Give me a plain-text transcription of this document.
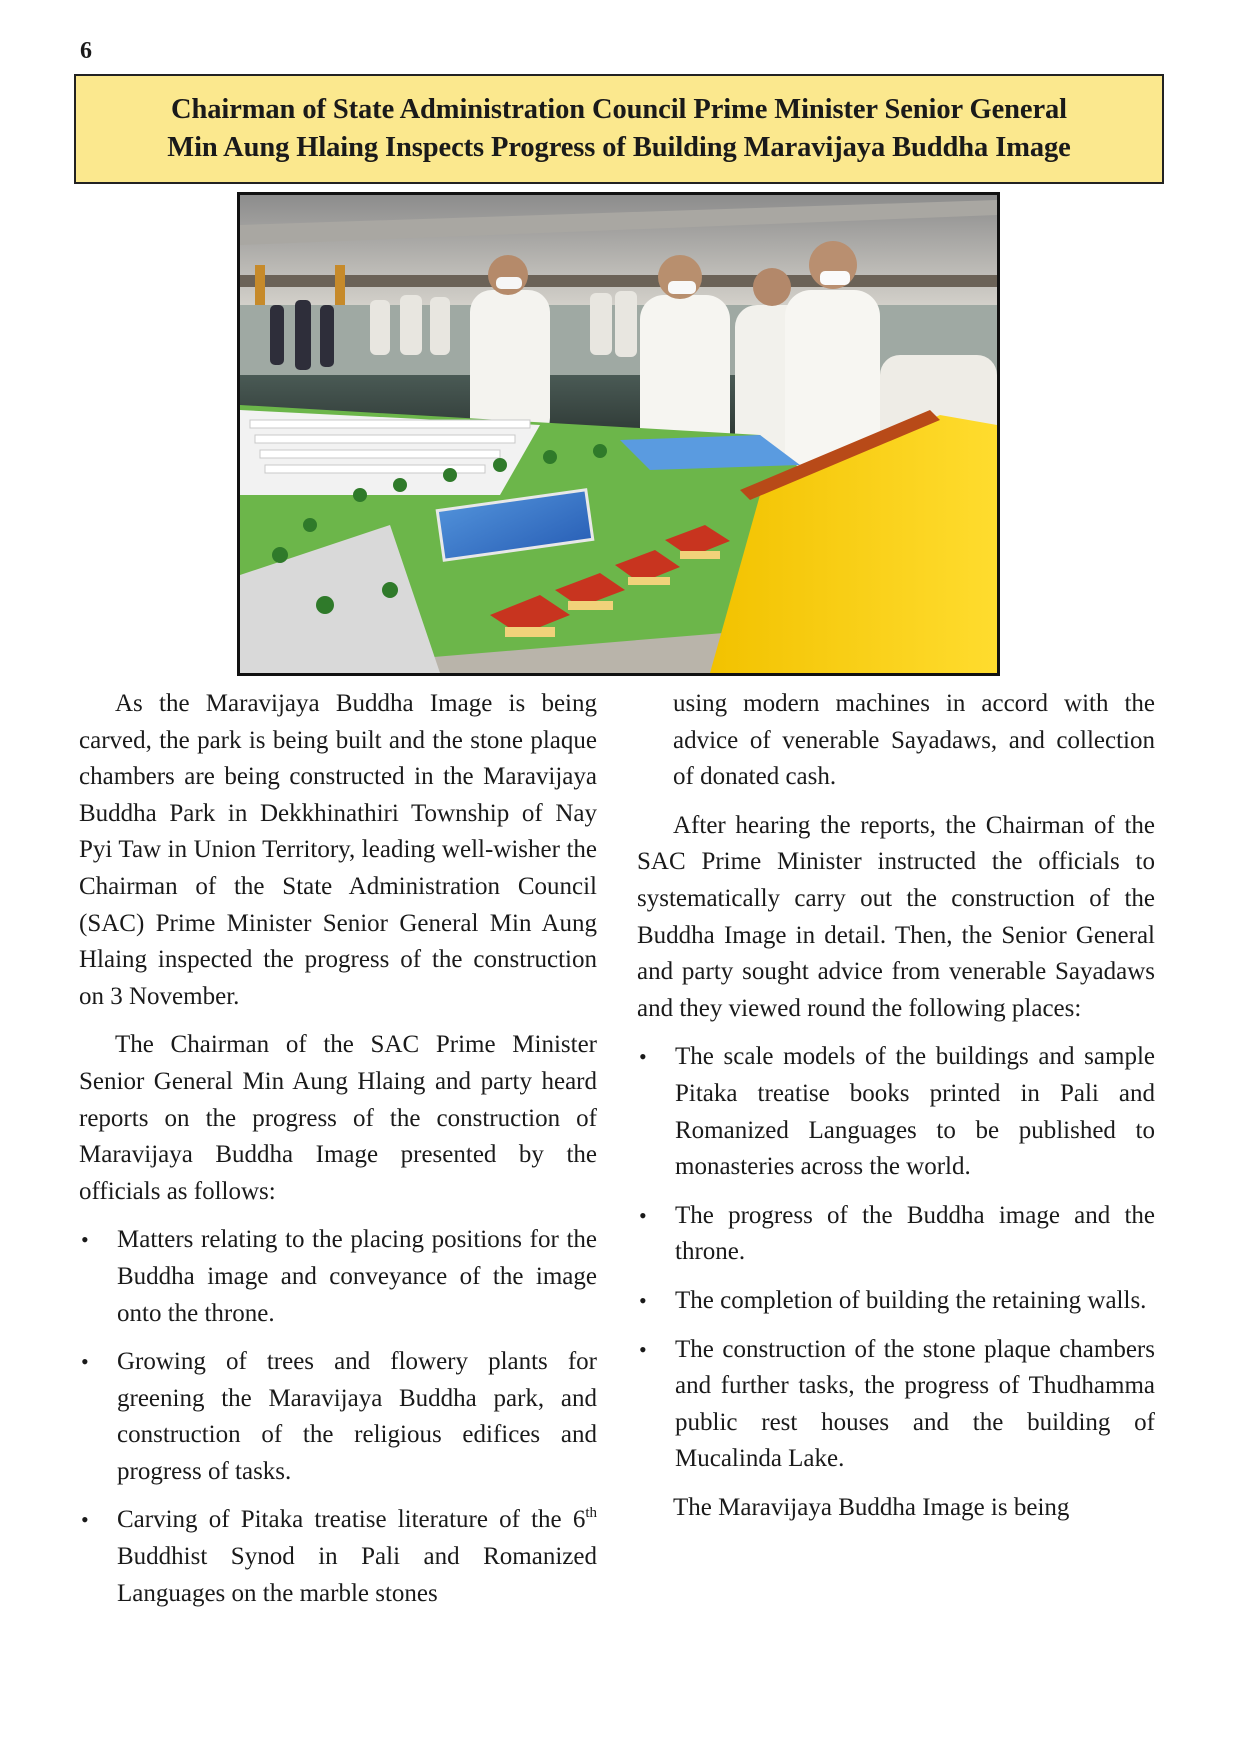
6
Chairman of State Administration Council Prime Minister Senior General
Min Aung Hlaing Inspects Progress of Building Maravijaya Buddha Image

As the Maravijaya Buddha Image is being carved, the park is being built and the stone plaque chambers are being constructed in the Maravijaya Buddha Park in Dekkhinathiri Township of Nay Pyi Taw in Union Territory, leading well-wisher the Chairman of the State Administration Council (SAC) Prime Minister Senior General Min Aung Hlaing inspected the progress of the construction on 3 November.

The Chairman of the SAC Prime Minister Senior General Min Aung Hlaing and party heard reports on the progress of the construction of Maravijaya Buddha Image presented by the officials as follows:

• Matters relating to the placing positions for the Buddha image and conveyance of the image onto the throne.
• Growing of trees and flowery plants for greening the Maravijaya Buddha park, and construction of the religious edifices and progress of tasks.
• Carving of Pitaka treatise literature of the 6th Buddhist Synod in Pali and Romanized Languages on the marble stones

using modern machines in accord with the advice of venerable Sayadaws, and collection of donated cash.

After hearing the reports, the Chairman of the SAC Prime Minister instructed the officials to systematically carry out the construction of the Buddha Image in detail. Then, the Senior General and party sought advice from venerable Sayadaws and they viewed round the following places:

• The scale models of the buildings and sample Pitaka treatise books printed in Pali and Romanized Languages to be published to monasteries across the world.
• The progress of the Buddha image and the throne.
• The completion of building the retaining walls.
• The construction of the stone plaque chambers and further tasks, the progress of Thudhamma public rest houses and the building of Mucalinda Lake.

The Maravijaya Buddha Image is being
